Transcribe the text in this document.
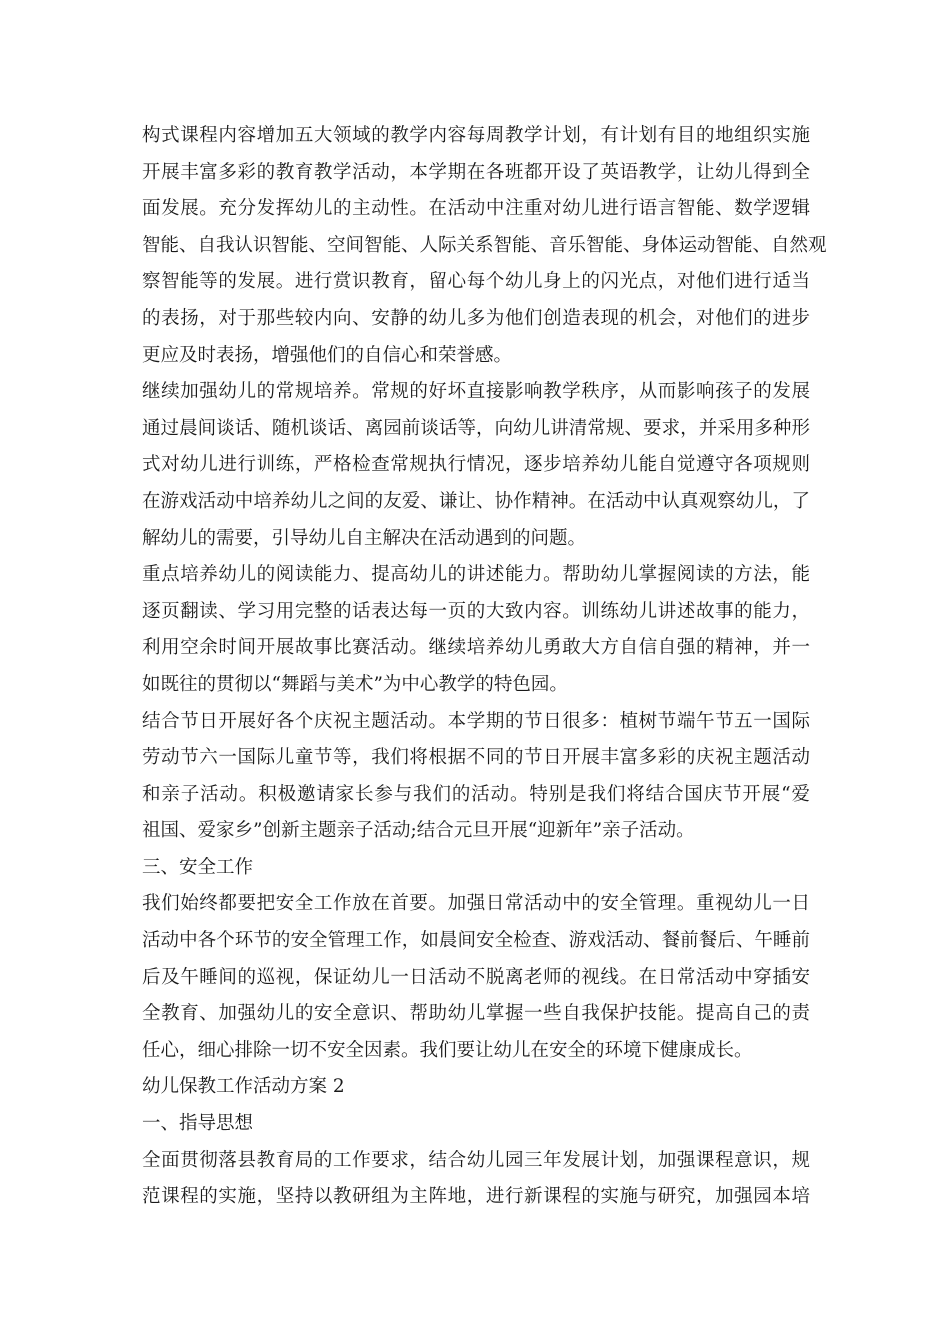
构式课程内容增加五大领域的教学内容每周教学计划，有计划有目的地组织实施
开展丰富多彩的教育教学活动，本学期在各班都开设了英语教学，让幼儿得到全
面发展。充分发挥幼儿的主动性。在活动中注重对幼儿进行语言智能、数学逻辑
智能、自我认识智能、空间智能、人际关系智能、音乐智能、身体运动智能、自然观
察智能等的发展。进行赏识教育，留心每个幼儿身上的闪光点，对他们进行适当
的表扬，对于那些较内向、安静的幼儿多为他们创造表现的机会，对他们的进步
更应及时表扬，增强他们的自信心和荣誉感。
继续加强幼儿的常规培养。常规的好坏直接影响教学秩序，从而影响孩子的发展
通过晨间谈话、随机谈话、离园前谈话等，向幼儿讲清常规、要求，并采用多种形
式对幼儿进行训练，严格检查常规执行情况，逐步培养幼儿能自觉遵守各项规则
在游戏活动中培养幼儿之间的友爱、谦让、协作精神。在活动中认真观察幼儿，了
解幼儿的需要，引导幼儿自主解决在活动遇到的问题。
重点培养幼儿的阅读能力、提高幼儿的讲述能力。帮助幼儿掌握阅读的方法，能
逐页翻读、学习用完整的话表达每一页的大致内容。训练幼儿讲述故事的能力，
利用空余时间开展故事比赛活动。继续培养幼儿勇敢大方自信自强的精神，并一
如既往的贯彻以“舞蹈与美术”为中心教学的特色园。
结合节日开展好各个庆祝主题活动。本学期的节日很多：植树节端午节五一国际
劳动节六一国际儿童节等，我们将根据不同的节日开展丰富多彩的庆祝主题活动
和亲子活动。积极邀请家长参与我们的活动。特别是我们将结合国庆节开展“爱
祖国、爱家乡”创新主题亲子活动;结合元旦开展“迎新年”亲子活动。
三、安全工作
我们始终都要把安全工作放在首要。加强日常活动中的安全管理。重视幼儿一日
活动中各个环节的安全管理工作，如晨间安全检查、游戏活动、餐前餐后、午睡前
后及午睡间的巡视，保证幼儿一日活动不脱离老师的视线。在日常活动中穿插安
全教育、加强幼儿的安全意识、帮助幼儿掌握一些自我保护技能。提高自己的责
任心，细心排除一切不安全因素。我们要让幼儿在安全的环境下健康成长。
幼儿保教工作活动方案 2
一、指导思想
全面贯彻落县教育局的工作要求，结合幼儿园三年发展计划，加强课程意识，规
范课程的实施，坚持以教研组为主阵地，进行新课程的实施与研究，加强园本培
